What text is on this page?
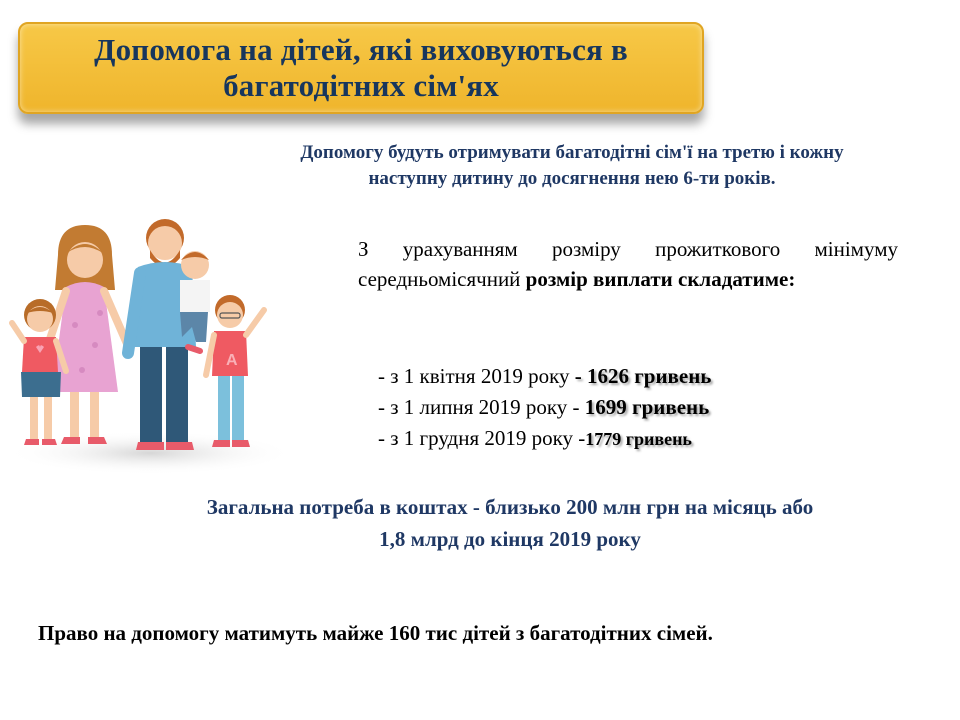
Допомога на дітей, які виховуються в
багатодітних сім'ях

Допомогу будуть отримувати багатодітні сім'ї на третю і кожну
наступну дитину до досягнення нею 6-ти років.

A

З урахуванням розміру прожиткового мінімуму середньомісячний розмір виплати складатиме:

- з 1 квітня 2019 року - 1626 гривень
- з 1 липня 2019 року - 1699 гривень
- з 1 грудня 2019 року -1779 гривень

Загальна потреба в коштах - близько 200 млн грн на місяць або
1,8 млрд до кінця 2019 року

Право на допомогу матимуть майже 160 тис дітей з багатодітних сімей.
